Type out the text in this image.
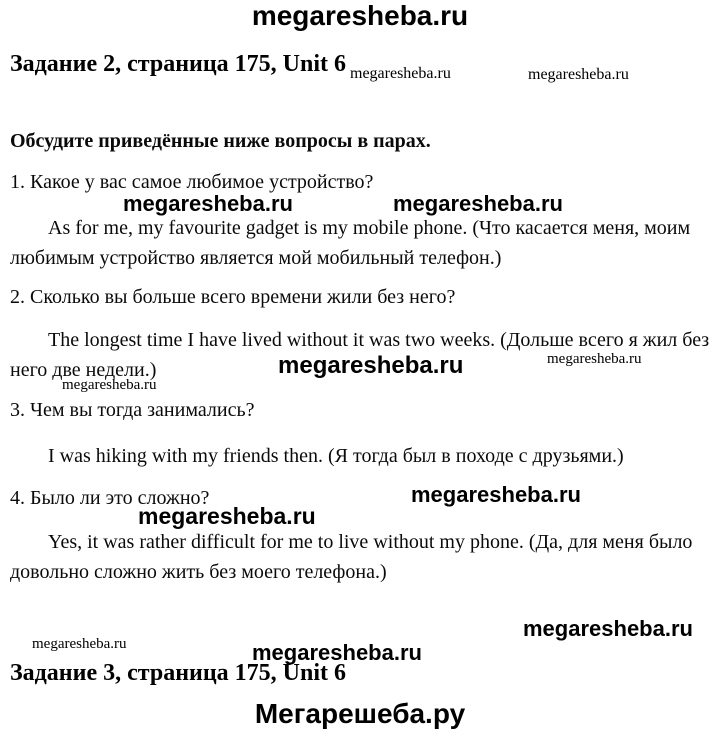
megaresheba.ru
Задание 2, страница 175, Unit 6 megaresheba.ru	megaresheba.ru
Обсудите приведённые ниже вопросы в парах.
1. Какое у вас самое любимое устройство?
megaresheba.ru	megaresheba.ru

As for me, my favourite gadget is my mobile phone. (Что касается меня, моим любимым устройство является мой мобильный телефон.)

2. Сколько вы больше всего времени жили без него?

The longest time I have lived without it was two weeks. (Дольше всего я жил без него две недели.)	megaresheba.ru	megaresheba.ru
megaresheba.ru
3. Чем вы тогда занимались?

I was hiking with my friends then. (Я тогда был в походе с друзьями.)

4. Было ли это сложно?	megaresheba.ru
megaresheba.ru

Yes, it was rather difficult for me to live without my phone. (Да, для меня было довольно сложно жить без моего телефона.)

megaresheba.ru
megaresheba.ru	megaresheba.ru
Задание 3, страница 175, Unit 6
Мегарешеба.ру
